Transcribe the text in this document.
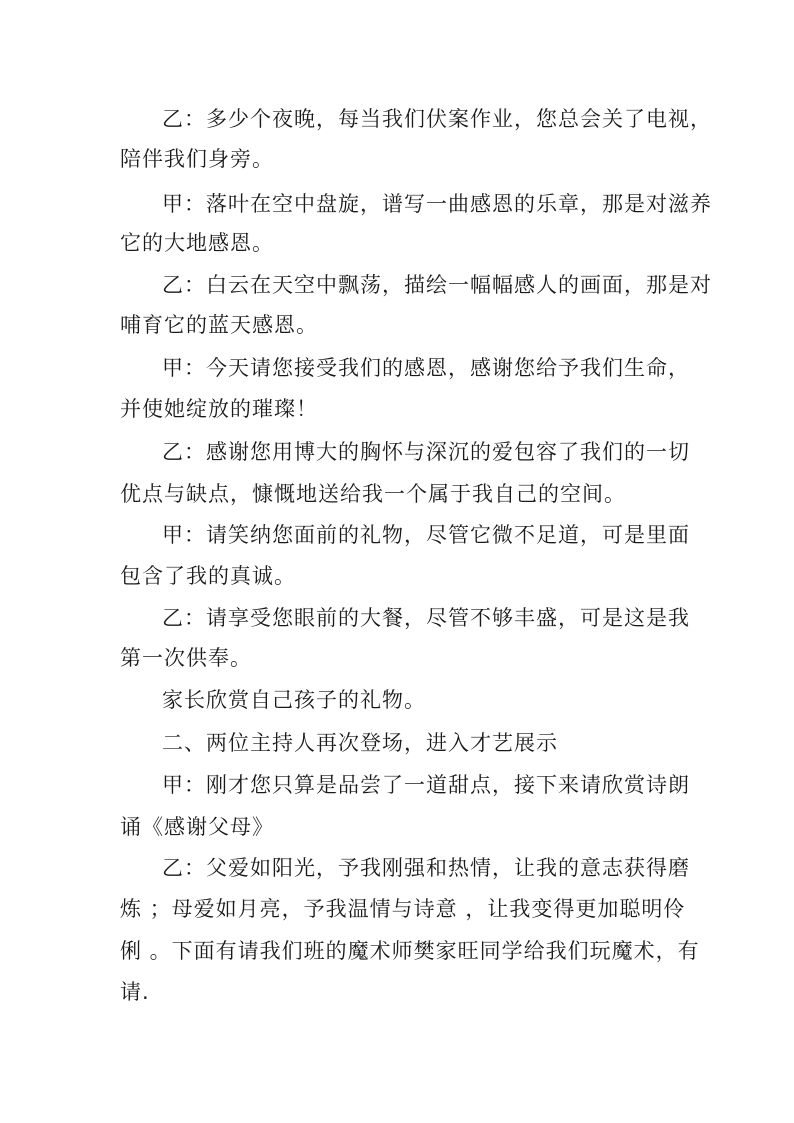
乙：多少个夜晚，每当我们伏案作业，您总会关了电视，
陪伴我们身旁。
甲：落叶在空中盘旋，谱写一曲感恩的乐章，那是对滋养
它的大地感恩。
乙：白云在天空中飘荡，描绘一幅幅感人的画面，那是对
哺育它的蓝天感恩。
甲：今天请您接受我们的感恩，感谢您给予我们生命，
并使她绽放的璀璨！
乙：感谢您用博大的胸怀与深沉的爱包容了我们的一切
优点与缺点，慷慨地送给我一个属于我自己的空间。
甲：请笑纳您面前的礼物，尽管它微不足道，可是里面
包含了我的真诚。
乙：请享受您眼前的大餐，尽管不够丰盛，可是这是我
第一次供奉。
家长欣赏自己孩子的礼物。
二、两位主持人再次登场，进入才艺展示
甲：刚才您只算是品尝了一道甜点，接下来请欣赏诗朗
诵《感谢父母》
乙：父爱如阳光，予我刚强和热情，让我的意志获得磨
炼 ；母爱如月亮，予我温情与诗意 ，让我变得更加聪明伶
俐 。下面有请我们班的魔术师樊家旺同学给我们玩魔术，有
请.
